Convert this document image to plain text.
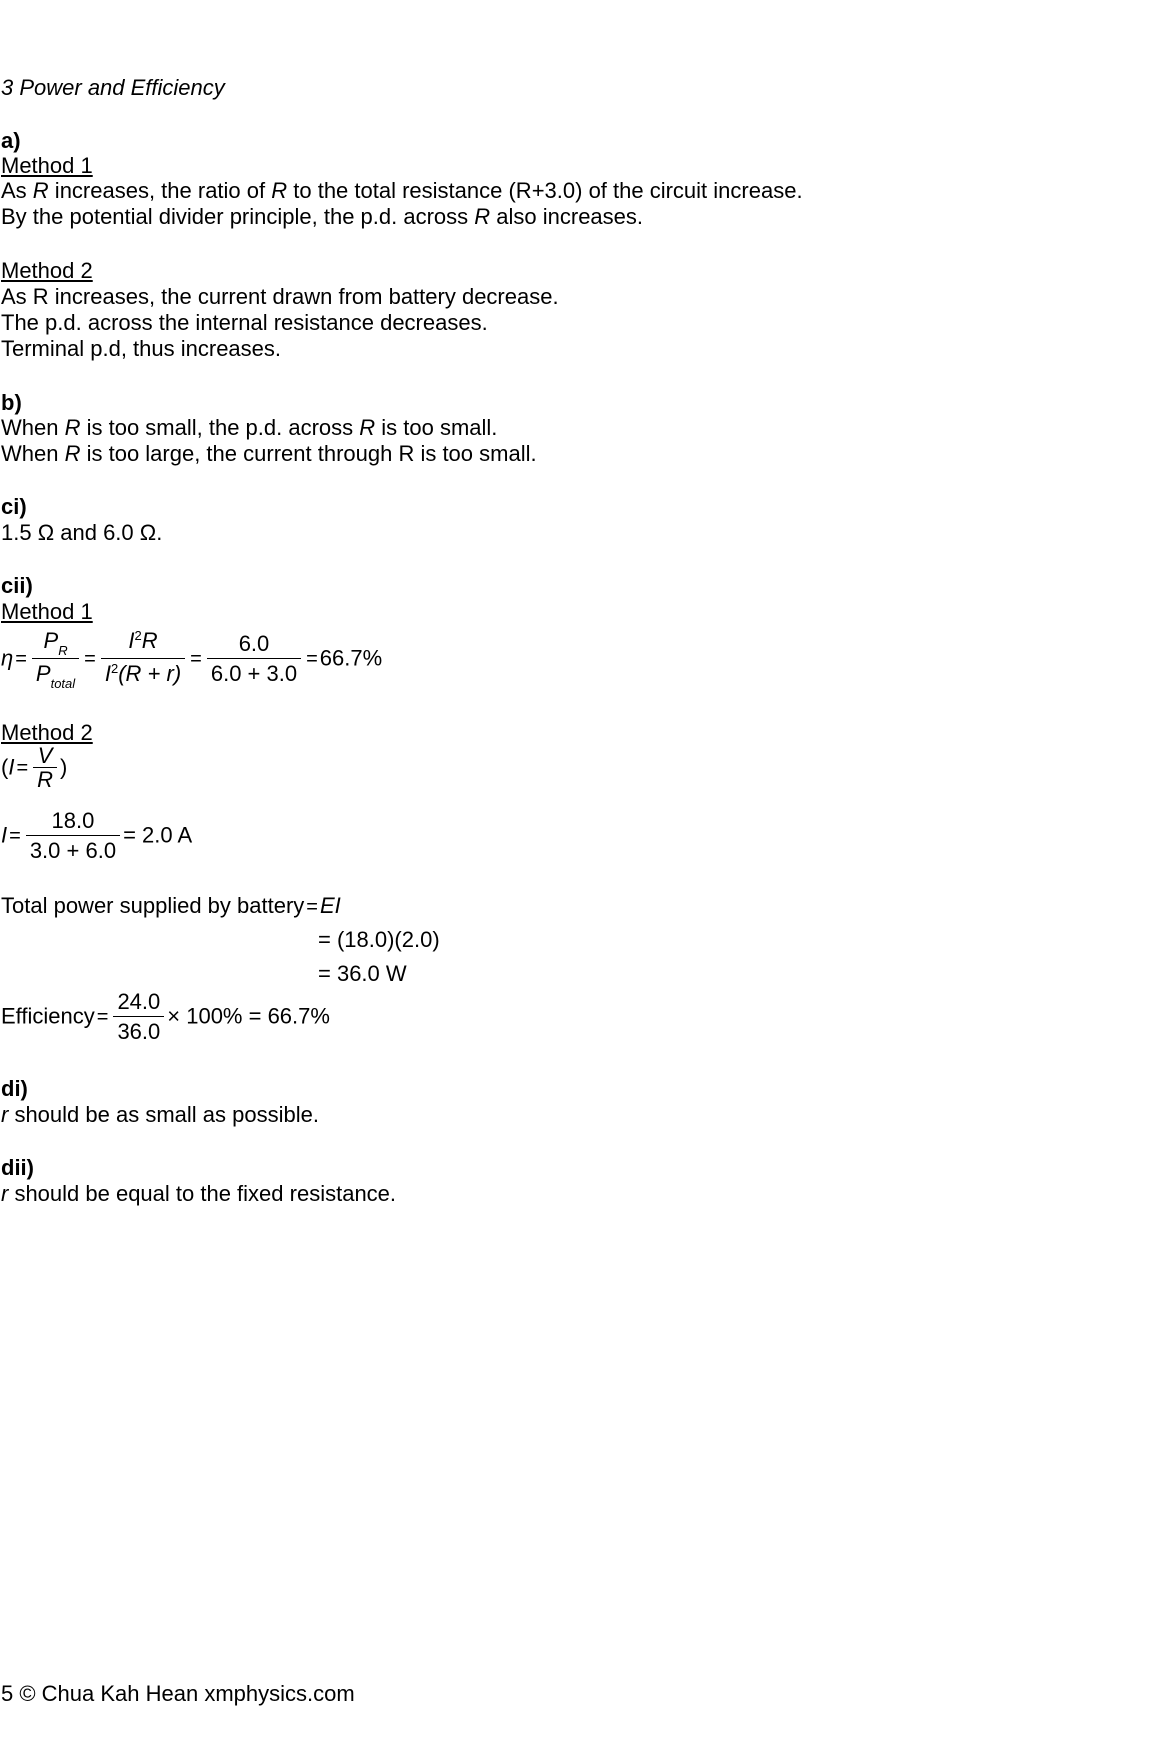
3 Power and Efficiency
a)
Method 1
As R increases, the ratio of R to the total resistance (R+3.0) of the circuit increase.
By the potential divider principle, the p.d. across R also increases.
Method 2
As R increases, the current drawn from battery decrease.
The p.d. across the internal resistance decreases.
Terminal p.d, thus increases.
b)
When R is too small, the p.d. across R is too small.
When R is too large, the current through R is too small.
ci)
1.5 Ω and 6.0 Ω.
cii)
Method 1
$\eta = \frac{P_R}{P_{total}} = \frac{I^2R}{I^2(R + r)} = \frac{6.0}{6.0 + 3.0} =66.7\%$
Method 2
($I = \frac{V}{R}$ )
$I = \frac{18.0}{3.0 + 6.0} = 2.0$ A
Total power supplied by battery =EI
= (18.0)(2.0)
= 36.0 W
Efficiency = $\frac{24.0}{36.0} \times 100\% = 66.7\%$
di)
r should be as small as possible.
dii)
r should be equal to the fixed resistance.
5 © Chua Kah Hean xmphysics.com
